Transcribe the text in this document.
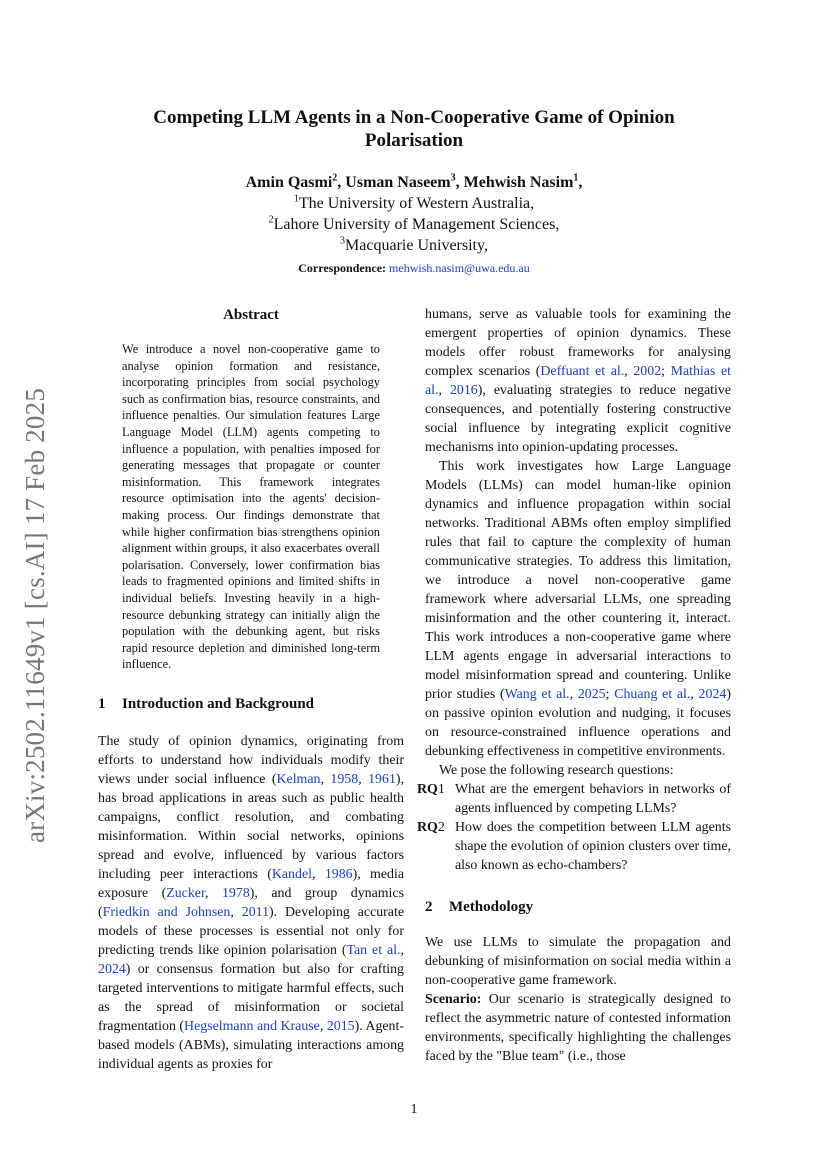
arXiv:2502.11649v1 [cs.AI] 17 Feb 2025
Competing LLM Agents in a Non-Cooperative Game of Opinion
Polarisation
Amin Qasmi$^2$, Usman Naseem$^3$, Mehwish Nasim$^1$,
$^1$The University of Western Australia,
$^2$Lahore University of Management Sciences,
$^3$Macquarie University,
Correspondence: mehwish.nasim@uwa.edu.au
Abstract
We introduce a novel non-cooperative game to analyse opinion formation and resistance, incorporating principles from social psychology such as confirmation bias, resource constraints, and influence penalties. Our simulation features Large Language Model (LLM) agents competing to influence a population, with penalties imposed for generating messages that propagate or counter misinformation. This framework integrates resource optimisation into the agents' decision-making process. Our findings demonstrate that while higher confirmation bias strengthens opinion alignment within groups, it also exacerbates overall polarisation. Conversely, lower confirmation bias leads to fragmented opinions and limited shifts in individual beliefs. Investing heavily in a high-resource debunking strategy can initially align the population with the debunking agent, but risks rapid resource depletion and diminished long-term influence.
1 Introduction and Background

The study of opinion dynamics, originating from efforts to understand how individuals modify their views under social influence (Kelman, 1958, 1961), has broad applications in areas such as public health campaigns, conflict resolution, and combating misinformation. Within social networks, opinions spread and evolve, influenced by various factors including peer interactions (Kandel, 1986), media exposure (Zucker, 1978), and group dynamics (Friedkin and Johnsen, 2011). Developing accurate models of these processes is essential not only for predicting trends like opinion polarisation (Tan et al., 2024) or consensus formation but also for crafting targeted interventions to mitigate harmful effects, such as the spread of misinformation or societal fragmentation (Hegselmann and Krause, 2015). Agent-based models (ABMs), simulating interactions among individual agents as proxies for

humans, serve as valuable tools for examining the emergent properties of opinion dynamics. These models offer robust frameworks for analysing complex scenarios (Deffuant et al., 2002; Mathias et al., 2016), evaluating strategies to reduce negative consequences, and potentially fostering constructive social influence by integrating explicit cognitive mechanisms into opinion-updating processes.

This work investigates how Large Language Models (LLMs) can model human-like opinion dynamics and influence propagation within social networks. Traditional ABMs often employ simplified rules that fail to capture the complexity of human communicative strategies. To address this limitation, we introduce a novel non-cooperative game framework where adversarial LLMs, one spreading misinformation and the other countering it, interact. This work introduces a non-cooperative game where LLM agents engage in adversarial interactions to model misinformation spread and countering. Unlike prior studies (Wang et al., 2025; Chuang et al., 2024) on passive opinion evolution and nudging, it focuses on resource-constrained influence operations and debunking effectiveness in competitive environments.

We pose the following research questions:

RQ1 What are the emergent behaviors in networks of agents influenced by competing LLMs?

RQ2 How does the competition between LLM agents shape the evolution of opinion clusters over time, also known as echo-chambers?

2 Methodology

We use LLMs to simulate the propagation and debunking of misinformation on social media within a non-cooperative game framework.

Scenario: Our scenario is strategically designed to reflect the asymmetric nature of contested information environments, specifically highlighting the challenges faced by the "Blue team" (i.e., those

1
